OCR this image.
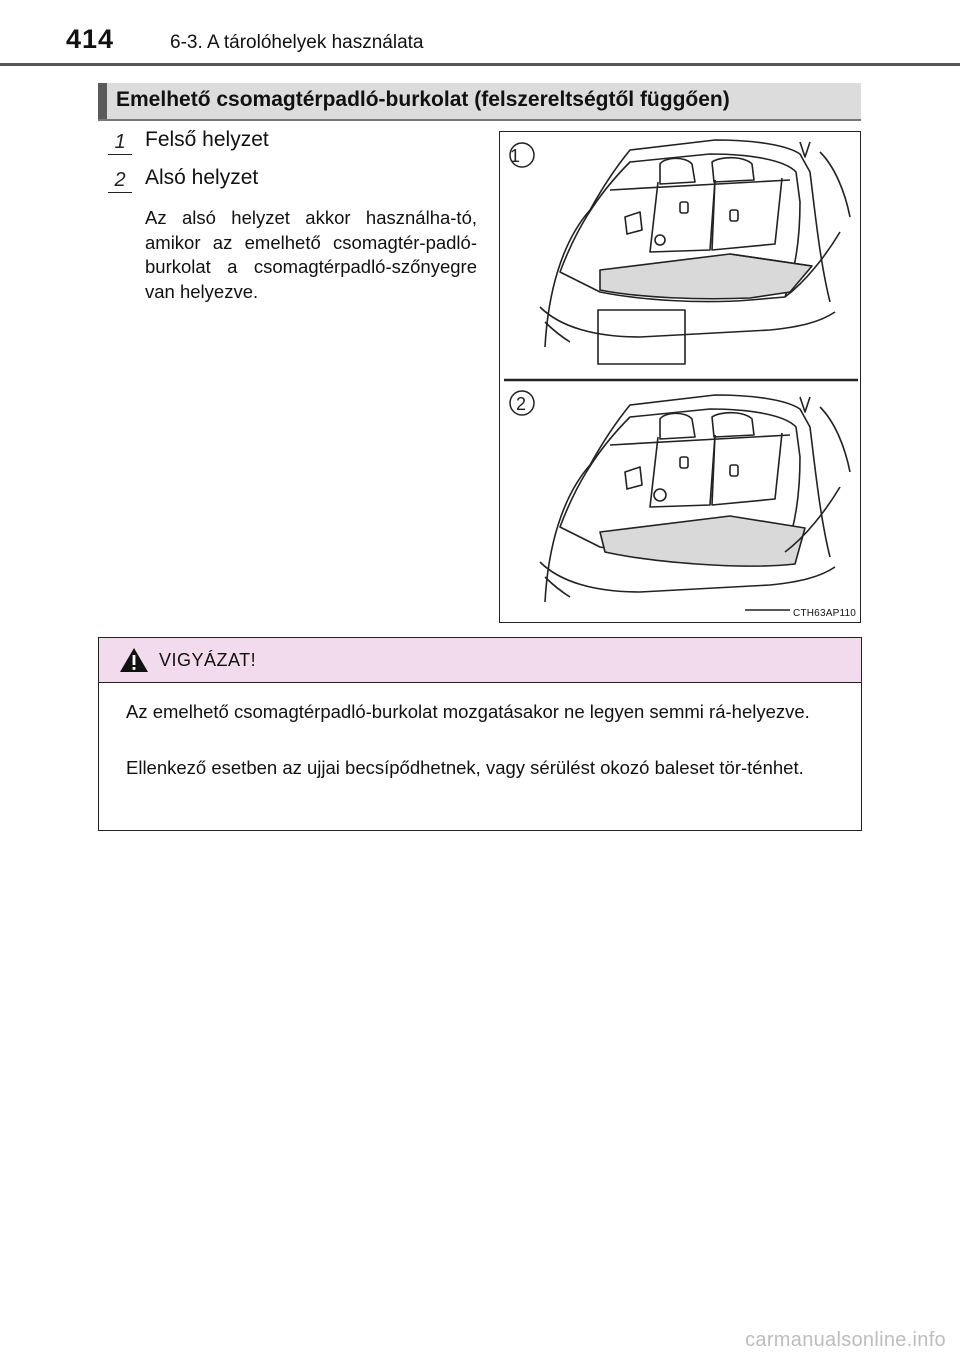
414	6-3. A tárolóhelyek használata
Emelhető csomagtérpadló-burkolat (felszereltségtől függően)
1 Felső helyzet
2 Alsó helyzet
Az alsó helyzet akkor használha-tó, amikor az emelhető csomagtér-padló-burkolat a csomagtérpadló-szőnyegre van helyezve.
1
2
CTH63AP110
VIGYÁZAT!
Az emelhető csomagtérpadló-burkolat mozgatásakor ne legyen semmi rá-helyezve.
Ellenkező esetben az ujjai becsípődhetnek, vagy sérülést okozó baleset tör-ténhet.
carmanualsonline.info
